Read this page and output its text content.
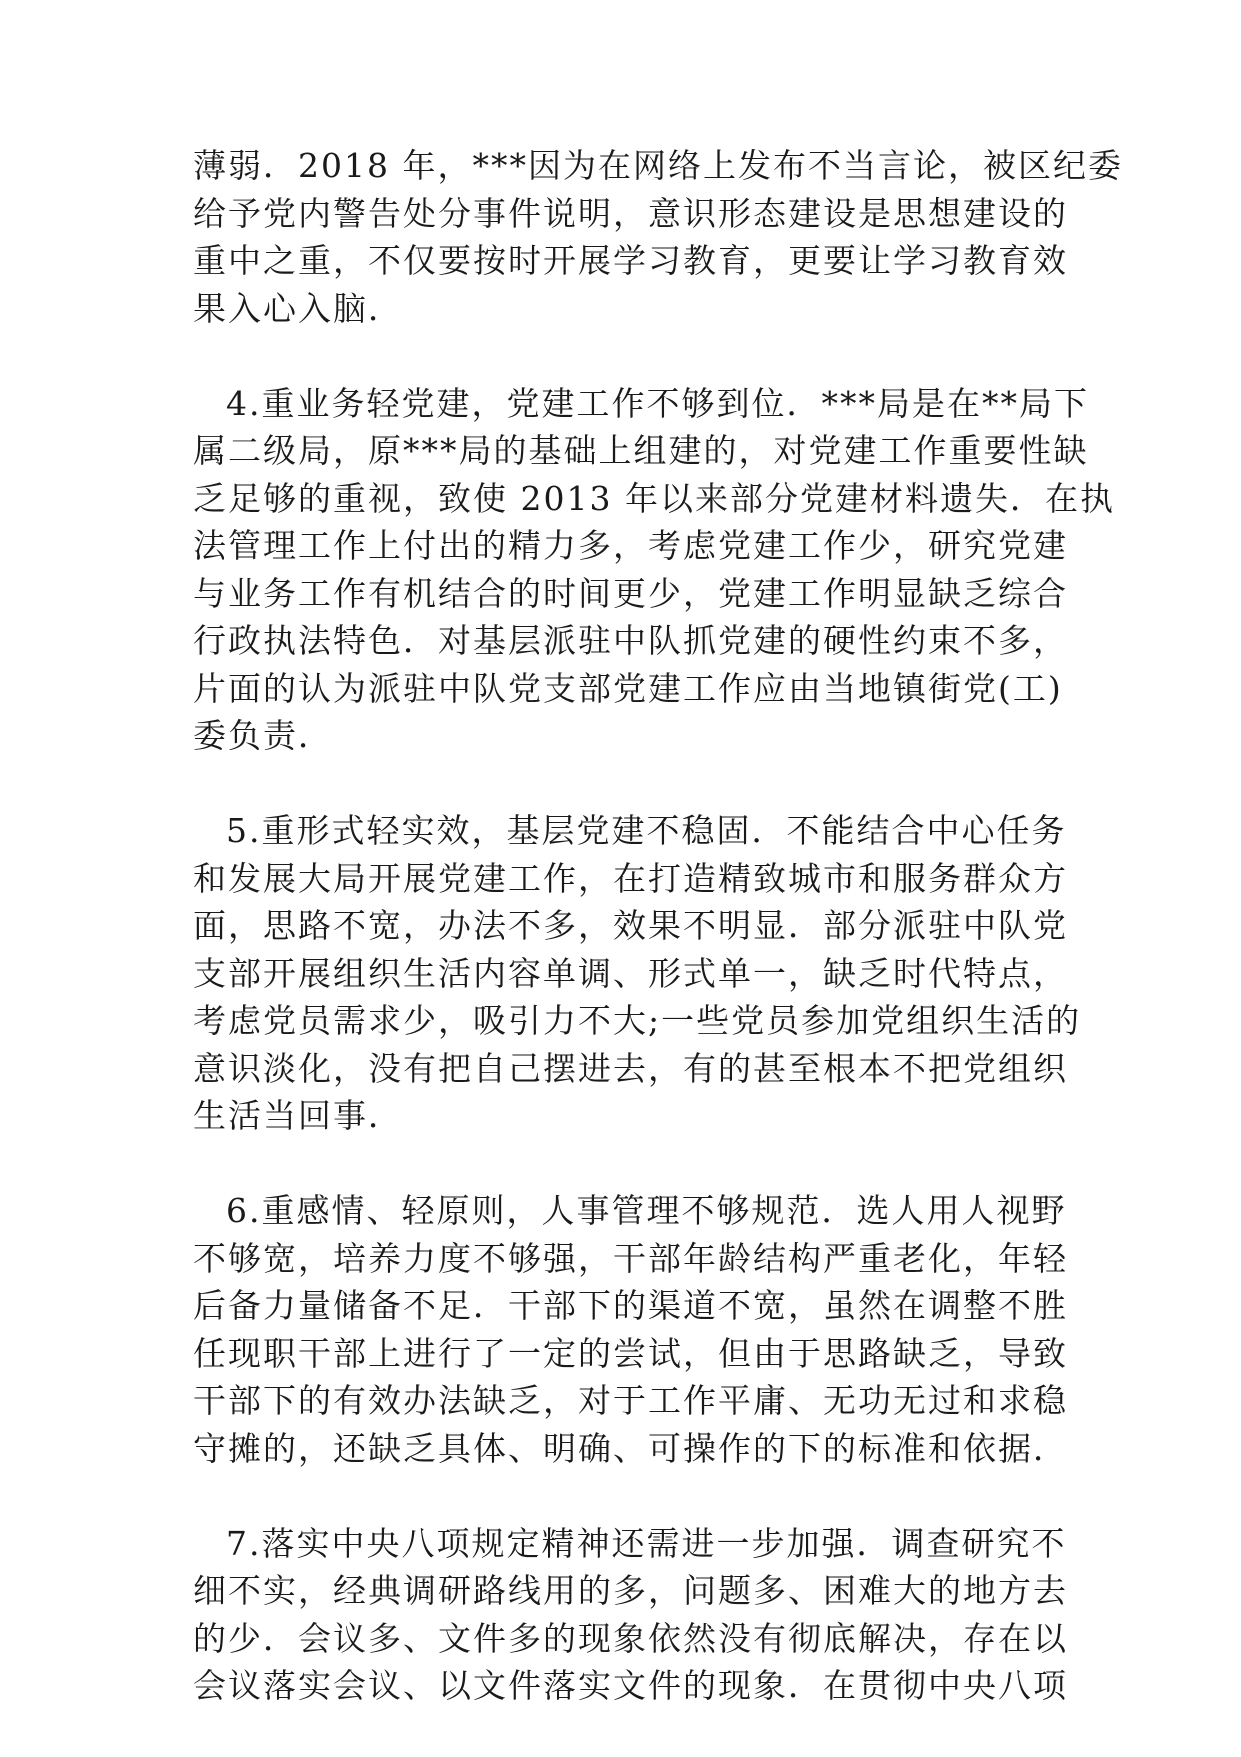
薄弱．2018 年，***因为在网络上发布不当言论，被区纪委
给予党内警告处分事件说明，意识形态建设是思想建设的
重中之重，不仅要按时开展学习教育，更要让学习教育效
果入心入脑．
4.重业务轻党建，党建工作不够到位．***局是在**局下
属二级局，原***局的基础上组建的，对党建工作重要性缺
乏足够的重视，致使 2013 年以来部分党建材料遗失．在执
法管理工作上付出的精力多，考虑党建工作少，研究党建
与业务工作有机结合的时间更少，党建工作明显缺乏综合
行政执法特色．对基层派驻中队抓党建的硬性约束不多，
片面的认为派驻中队党支部党建工作应由当地镇街党(工)
委负责．
5.重形式轻实效，基层党建不稳固．不能结合中心任务
和发展大局开展党建工作，在打造精致城市和服务群众方
面，思路不宽，办法不多，效果不明显．部分派驻中队党
支部开展组织生活内容单调、形式单一，缺乏时代特点，
考虑党员需求少，吸引力不大;一些党员参加党组织生活的
意识淡化，没有把自己摆进去，有的甚至根本不把党组织
生活当回事．
6.重感情、轻原则，人事管理不够规范．选人用人视野
不够宽，培养力度不够强，干部年龄结构严重老化，年轻
后备力量储备不足．干部下的渠道不宽，虽然在调整不胜
任现职干部上进行了一定的尝试，但由于思路缺乏，导致
干部下的有效办法缺乏，对于工作平庸、无功无过和求稳
守摊的，还缺乏具体、明确、可操作的下的标准和依据．
7.落实中央八项规定精神还需进一步加强．调查研究不
细不实，经典调研路线用的多，问题多、困难大的地方去
的少．会议多、文件多的现象依然没有彻底解决，存在以
会议落实会议、以文件落实文件的现象．在贯彻中央八项
